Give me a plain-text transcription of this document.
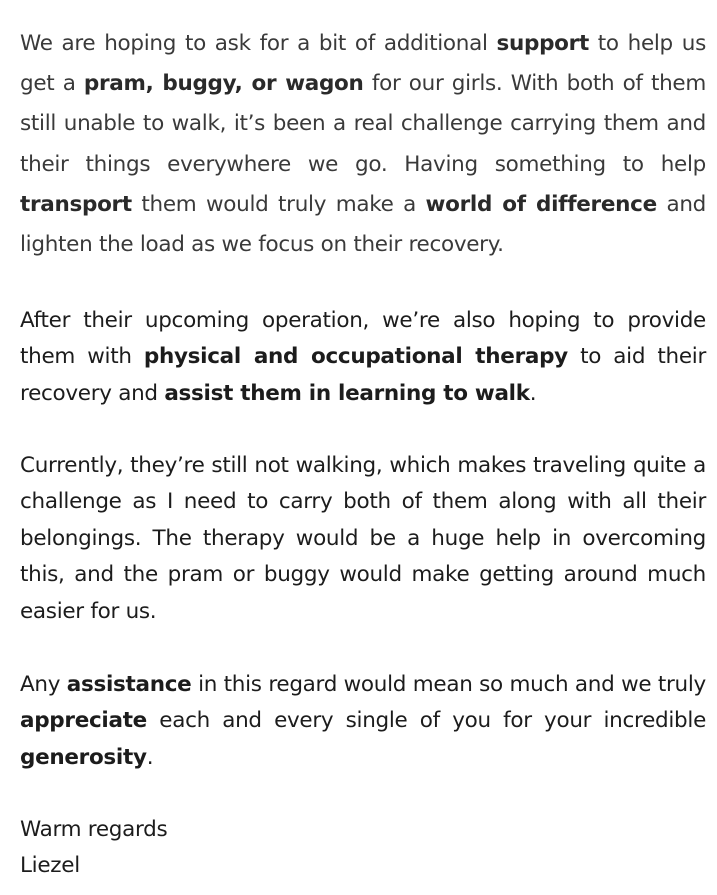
We are hoping to ask for a bit of additional support to help us get a pram, buggy, or wagon for our girls. With both of them still unable to walk, it’s been a real challenge carrying them and their things everywhere we go. Having something to help transport them would truly make a world of difference and lighten the load as we focus on their recovery.

After their upcoming operation, we’re also hoping to provide them with physical and occupational therapy to aid their recovery and assist them in learning to walk.

Currently, they’re still not walking, which makes traveling quite a challenge as I need to carry both of them along with all their belongings. The therapy would be a huge help in overcoming this, and the pram or buggy would make getting around much easier for us.

Any assistance in this regard would mean so much and we truly appreciate each and every single of you for your incredible generosity.

Warm regards
Liezel
